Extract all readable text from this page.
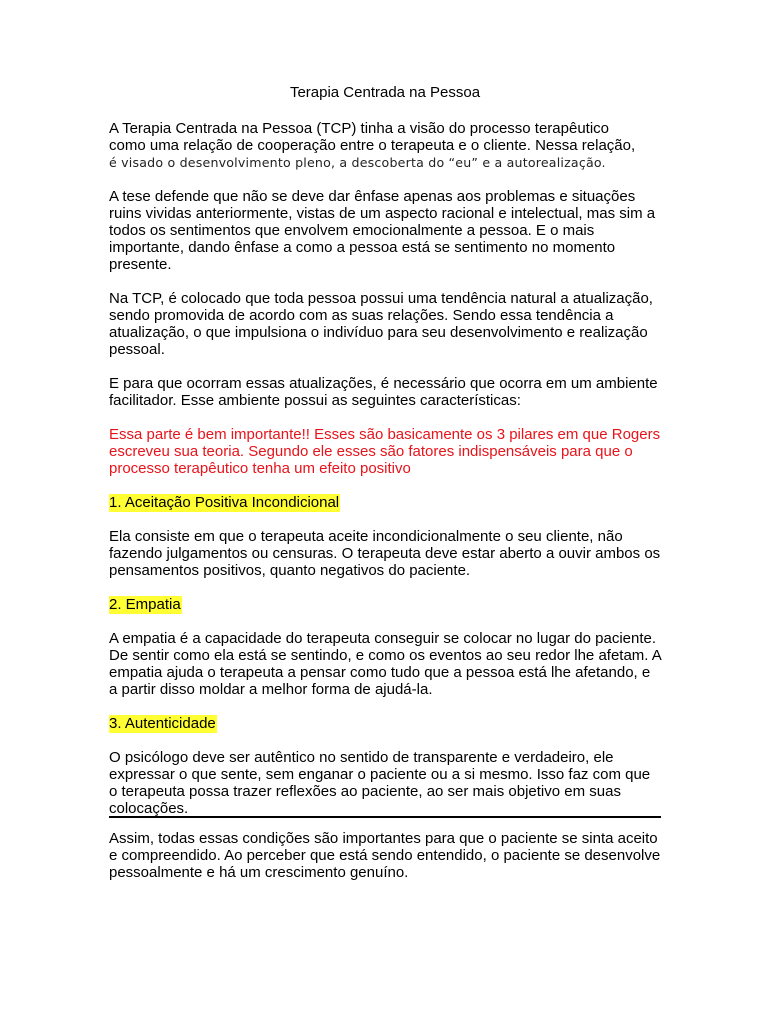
Terapia Centrada na Pessoa
A Terapia Centrada na Pessoa (TCP) tinha a visão do processo terapêutico
como uma relação de cooperação entre o terapeuta e o cliente. Nessa relação,
é visado o desenvolvimento pleno, a descoberta do “eu” e a autorealização.
A tese defende que não se deve dar ênfase apenas aos problemas e situações ruins vividas anteriormente, vistas de um aspecto racional e intelectual, mas sim a todos os sentimentos que envolvem emocionalmente a pessoa. E o mais importante, dando ênfase a como a pessoa está se sentimento no momento presente.
Na TCP, é colocado que toda pessoa possui uma tendência natural a atualização, sendo promovida de acordo com as suas relações. Sendo essa tendência a atualização, o que impulsiona o indivíduo para seu desenvolvimento e realização pessoal.
E para que ocorram essas atualizações, é necessário que ocorra em um ambiente facilitador. Esse ambiente possui as seguintes características:
Essa parte é bem importante!! Esses são basicamente os 3 pilares em que Rogers escreveu sua teoria. Segundo ele esses são fatores indispensáveis para que o processo terapêutico tenha um efeito positivo
1. Aceitação Positiva Incondicional
Ela consiste em que o terapeuta aceite incondicionalmente o seu cliente, não fazendo julgamentos ou censuras. O terapeuta deve estar aberto a ouvir ambos os pensamentos positivos, quanto negativos do paciente.
2. Empatia
A empatia é a capacidade do terapeuta conseguir se colocar no lugar do paciente. De sentir como ela está se sentindo, e como os eventos ao seu redor lhe afetam. A empatia ajuda o terapeuta a pensar como tudo que a pessoa está lhe afetando, e a partir disso moldar a melhor forma de ajudá-la.
3. Autenticidade
O psicólogo deve ser autêntico no sentido de transparente e verdadeiro, ele expressar o que sente, sem enganar o paciente ou a si mesmo. Isso faz com que o terapeuta possa trazer reflexões ao paciente, ao ser mais objetivo em suas colocações.
Assim, todas essas condições são importantes para que o paciente se sinta aceito e compreendido. Ao perceber que está sendo entendido, o paciente se desenvolve pessoalmente e há um crescimento genuíno.
